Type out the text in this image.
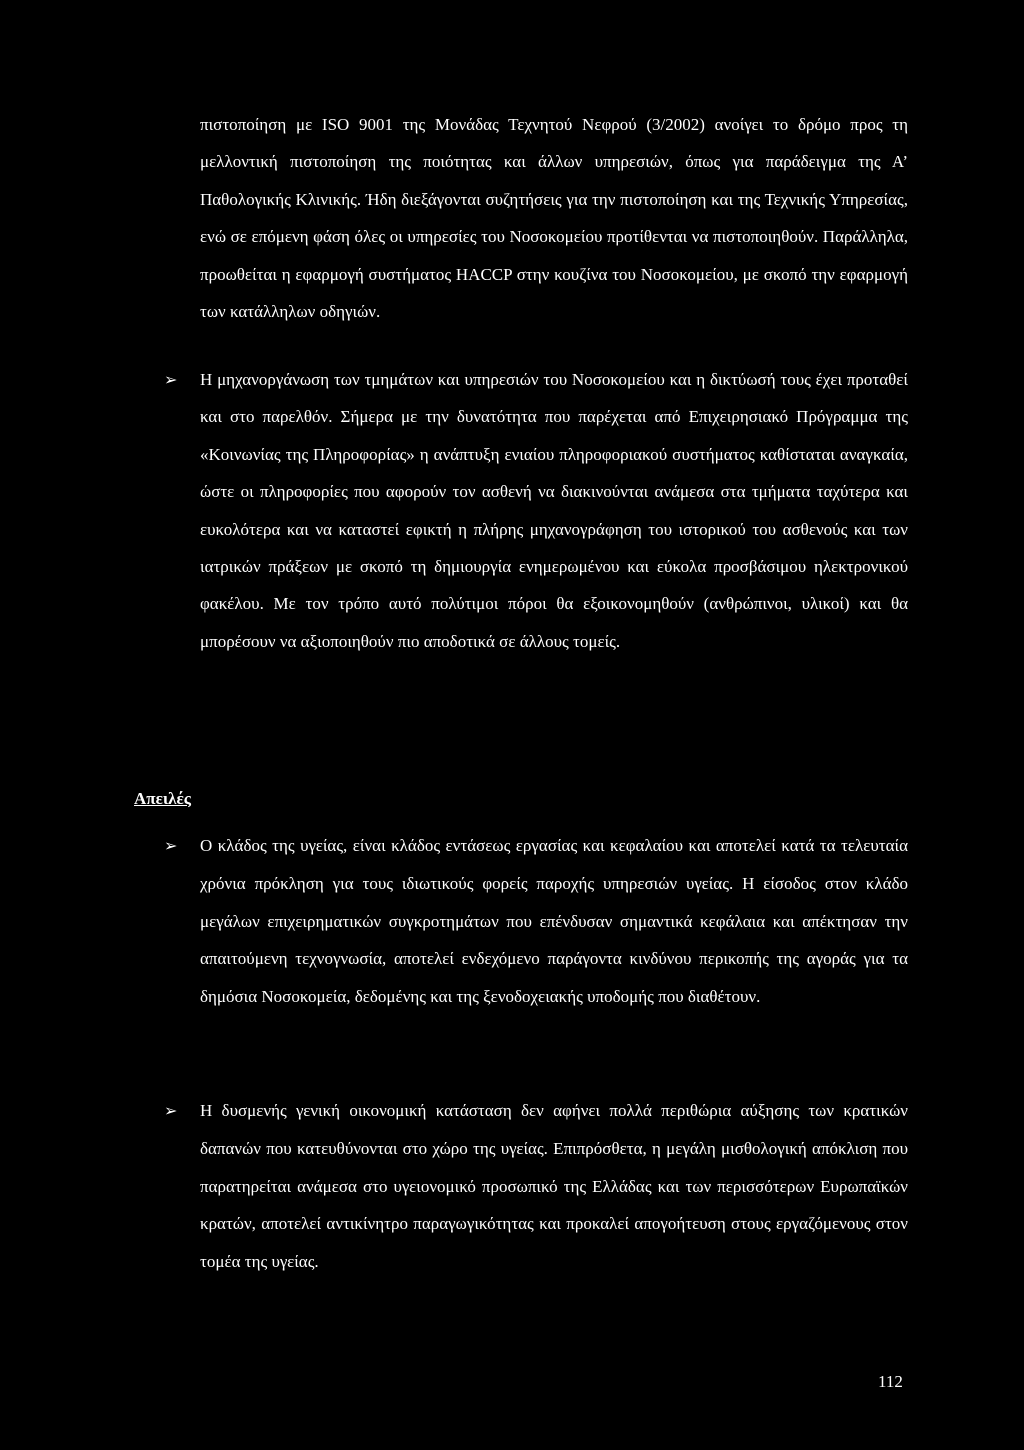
πιστοποίηση με ISO 9001 της Μονάδας Τεχνητού Νεφρού (3/2002) ανοίγει το δρόμο προς τη μελλοντική πιστοποίηση της ποιότητας και άλλων υπηρεσιών, όπως για παράδειγμα της Α’ Παθολογικής Κλινικής. Ήδη διεξάγονται συζητήσεις για την πιστοποίηση και της Τεχνικής Υπηρεσίας, ενώ σε επόμενη φάση όλες οι υπηρεσίες του Νοσοκομείου προτίθενται να πιστοποιηθούν. Παράλληλα, προωθείται η εφαρμογή συστήματος HACCP στην κουζίνα του Νοσοκομείου, με σκοπό την εφαρμογή των κατάλληλων οδηγιών.

➢	Η μηχανοργάνωση των τμημάτων και υπηρεσιών του Νοσοκομείου και η δικτύωσή τους έχει προταθεί και στο παρελθόν. Σήμερα με την δυνατότητα που παρέχεται από Επιχειρησιακό Πρόγραμμα της «Κοινωνίας της Πληροφορίας» η ανάπτυξη ενιαίου πληροφοριακού συστήματος καθίσταται αναγκαία, ώστε οι πληροφορίες που αφορούν τον ασθενή να διακινούνται ανάμεσα στα τμήματα ταχύτερα και ευκολότερα και να καταστεί εφικτή η πλήρης μηχανογράφηση του ιστορικού του ασθενούς και των ιατρικών πράξεων με σκοπό τη δημιουργία ενημερωμένου και εύκολα προσβάσιμου ηλεκτρονικού φακέλου. Με τον τρόπο αυτό πολύτιμοι πόροι θα εξοικονομηθούν (ανθρώπινοι, υλικοί) και θα μπορέσουν να αξιοποιηθούν πιο αποδοτικά σε άλλους τομείς.
Απειλές
➢	Ο κλάδος της υγείας, είναι κλάδος εντάσεως εργασίας και κεφαλαίου και αποτελεί κατά τα τελευταία χρόνια πρόκληση για τους ιδιωτικούς φορείς παροχής υπηρεσιών υγείας. Η είσοδος στον κλάδο μεγάλων επιχειρηματικών συγκροτημάτων που επένδυσαν σημαντικά κεφάλαια και απέκτησαν την απαιτούμενη τεχνογνωσία, αποτελεί ενδεχόμενο παράγοντα κινδύνου περικοπής της αγοράς για τα δημόσια Νοσοκομεία, δεδομένης και της ξενοδοχειακής υποδομής που διαθέτουν.
➢	Η δυσμενής γενική οικονομική κατάσταση δεν αφήνει πολλά περιθώρια αύξησης των κρατικών δαπανών που κατευθύνονται στο χώρο της υγείας. Επιπρόσθετα, η μεγάλη μισθολογική απόκλιση που παρατηρείται ανάμεσα στο υγειονομικό προσωπικό της Ελλάδας και των περισσότερων Ευρωπαϊκών κρατών, αποτελεί αντικίνητρο παραγωγικότητας και προκαλεί απογοήτευση στους εργαζόμενους στον τομέα της υγείας.
112
